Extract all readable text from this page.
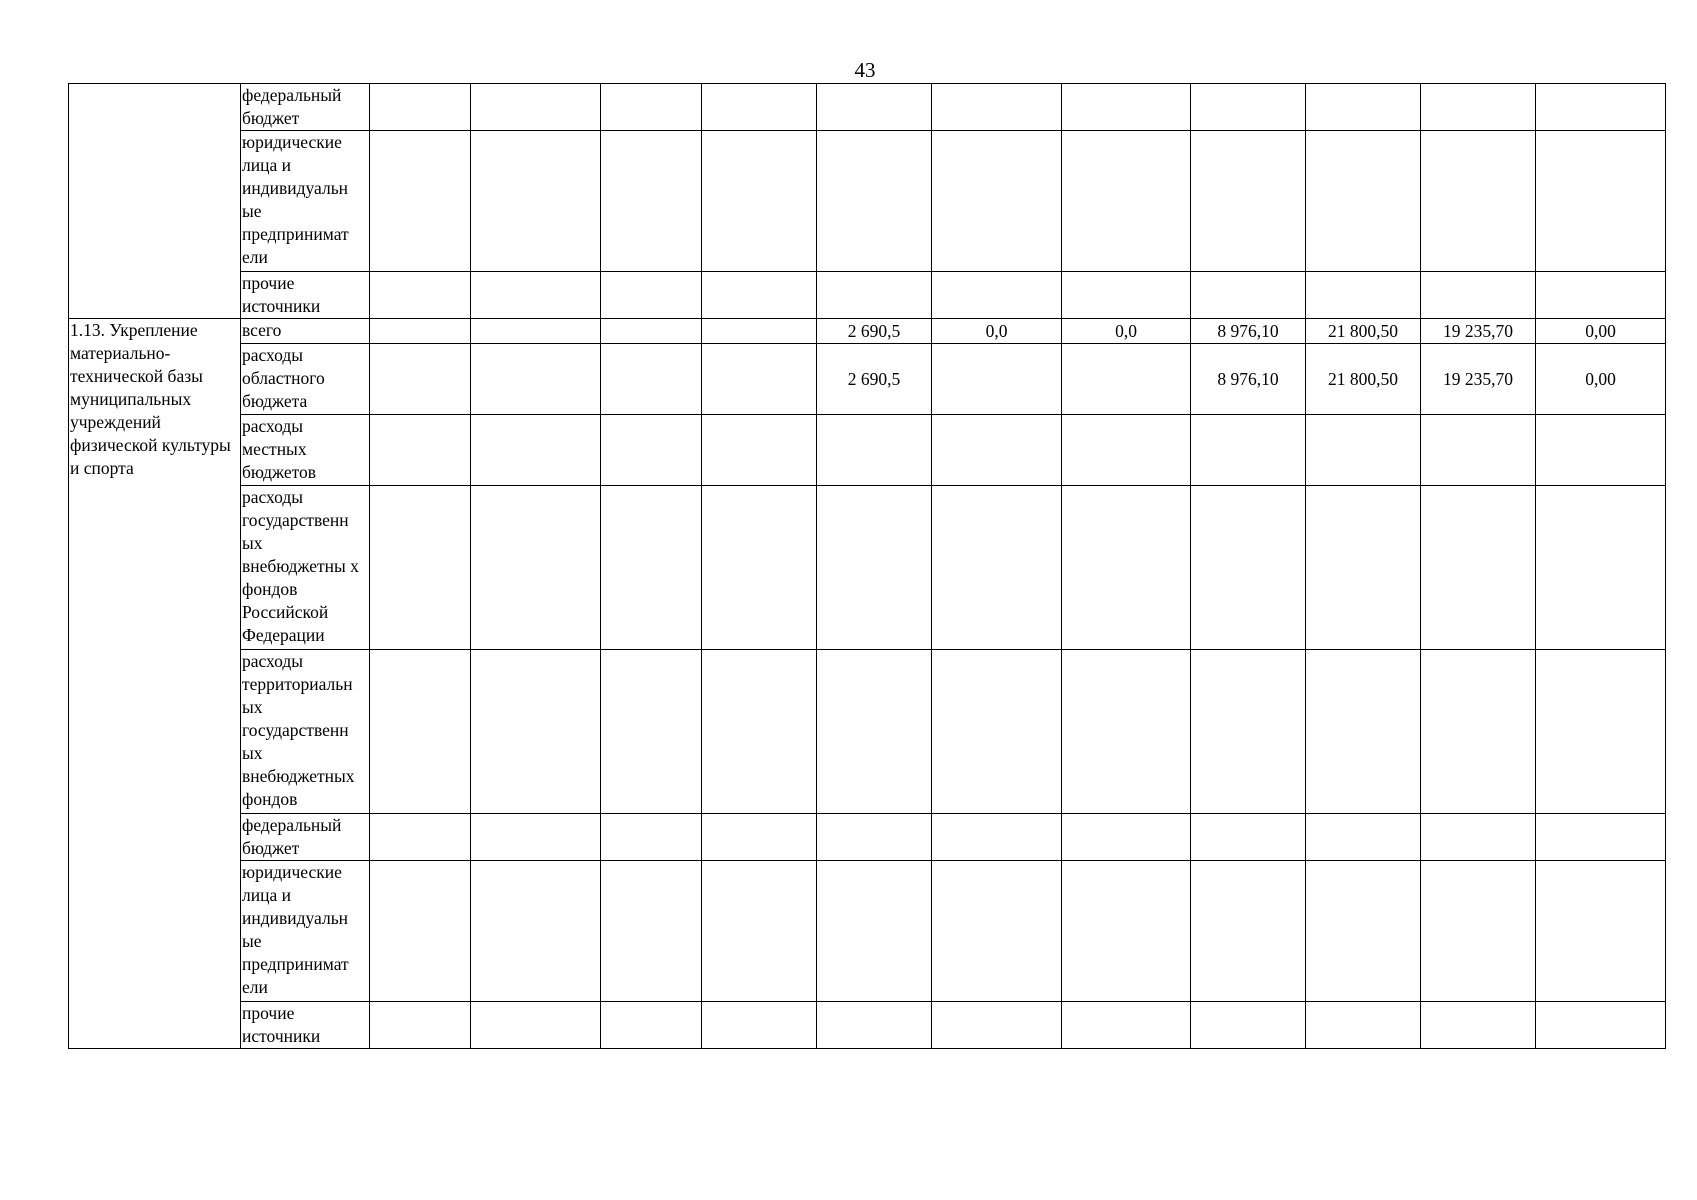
43
	федеральный бюджет											
	юридические лица и индивидуальн ые предпринимат ели											
	прочие источники											
1.13. Укрепление материально-технической базы муниципальных учреждений физической культуры и спорта	всего					2 690,5	0,0	0,0	8 976,10	21 800,50	19 235,70	0,00
	расходы областного бюджета					2 690,5			8 976,10	21 800,50	19 235,70	0,00
	расходы местных бюджетов											
	расходы государственн ых внебюджетны х фондов Российской Федерации											
	расходы территориальн ых государственн ых внебюджетных фондов											
	федеральный бюджет											
	юридические лица и индивидуальн ые предпринимат ели											
	прочие источники											
